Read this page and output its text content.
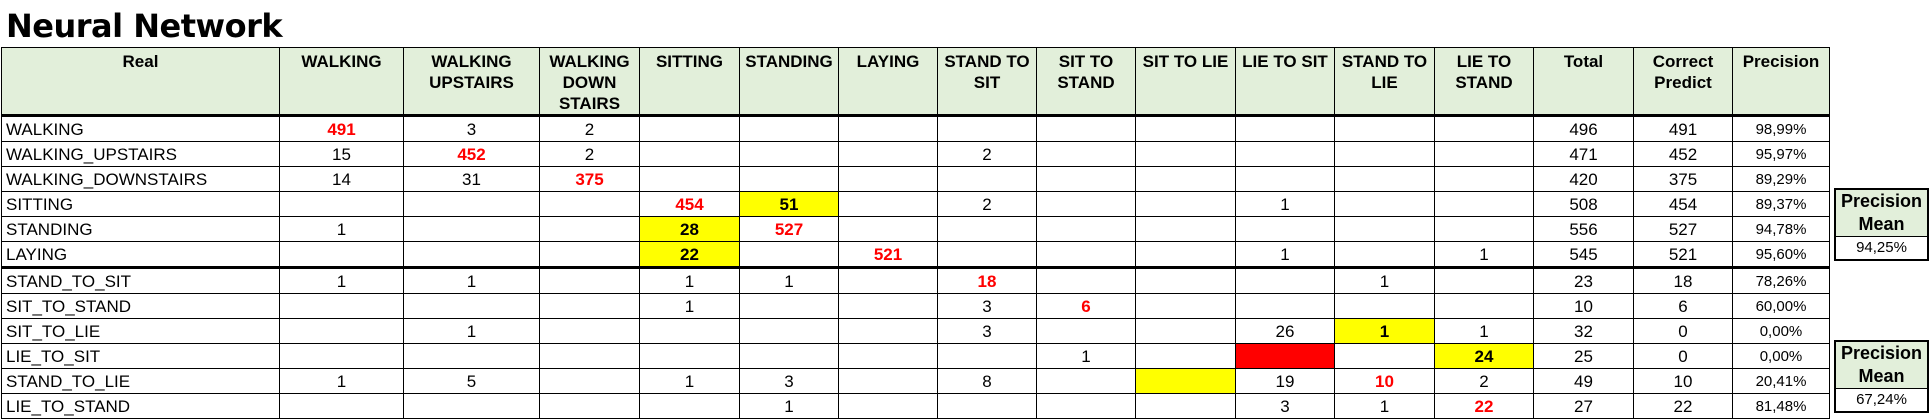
Neural Network
Real	WALKING	WALKING UPSTAIRS	WALKING DOWN STAIRS	SITTING	STANDING	LAYING	STAND TO SIT	SIT TO STAND	SIT TO LIE	LIE TO SIT	STAND TO LIE	LIE TO STAND	Total	Correct Predict	Precision
WALKING	491	3	2										496	491	98,99%
WALKING_UPSTAIRS	15	452	2				2						471	452	95,97%
WALKING_DOWNSTAIRS	14	31	375										420	375	89,29%
SITTING				454	51		2			1			508	454	89,37%
STANDING	1			28	527								556	527	94,78%
LAYING				22		521				1		1	545	521	95,60%
STAND_TO_SIT	1	1		1	1		18				1		23	18	78,26%
SIT_TO_STAND				1			3	6					10	6	60,00%
SIT_TO_LIE		1					3			26	1	1	32	0	0,00%
LIE_TO_SIT								1				24	25	0	0,00%
STAND_TO_LIE	1	5		1	3		8			19	10	2	49	10	20,41%
LIE_TO_STAND					1					3	1	22	27	22	81,48%
Precision Mean
94,25%
Precision Mean
67,24%
